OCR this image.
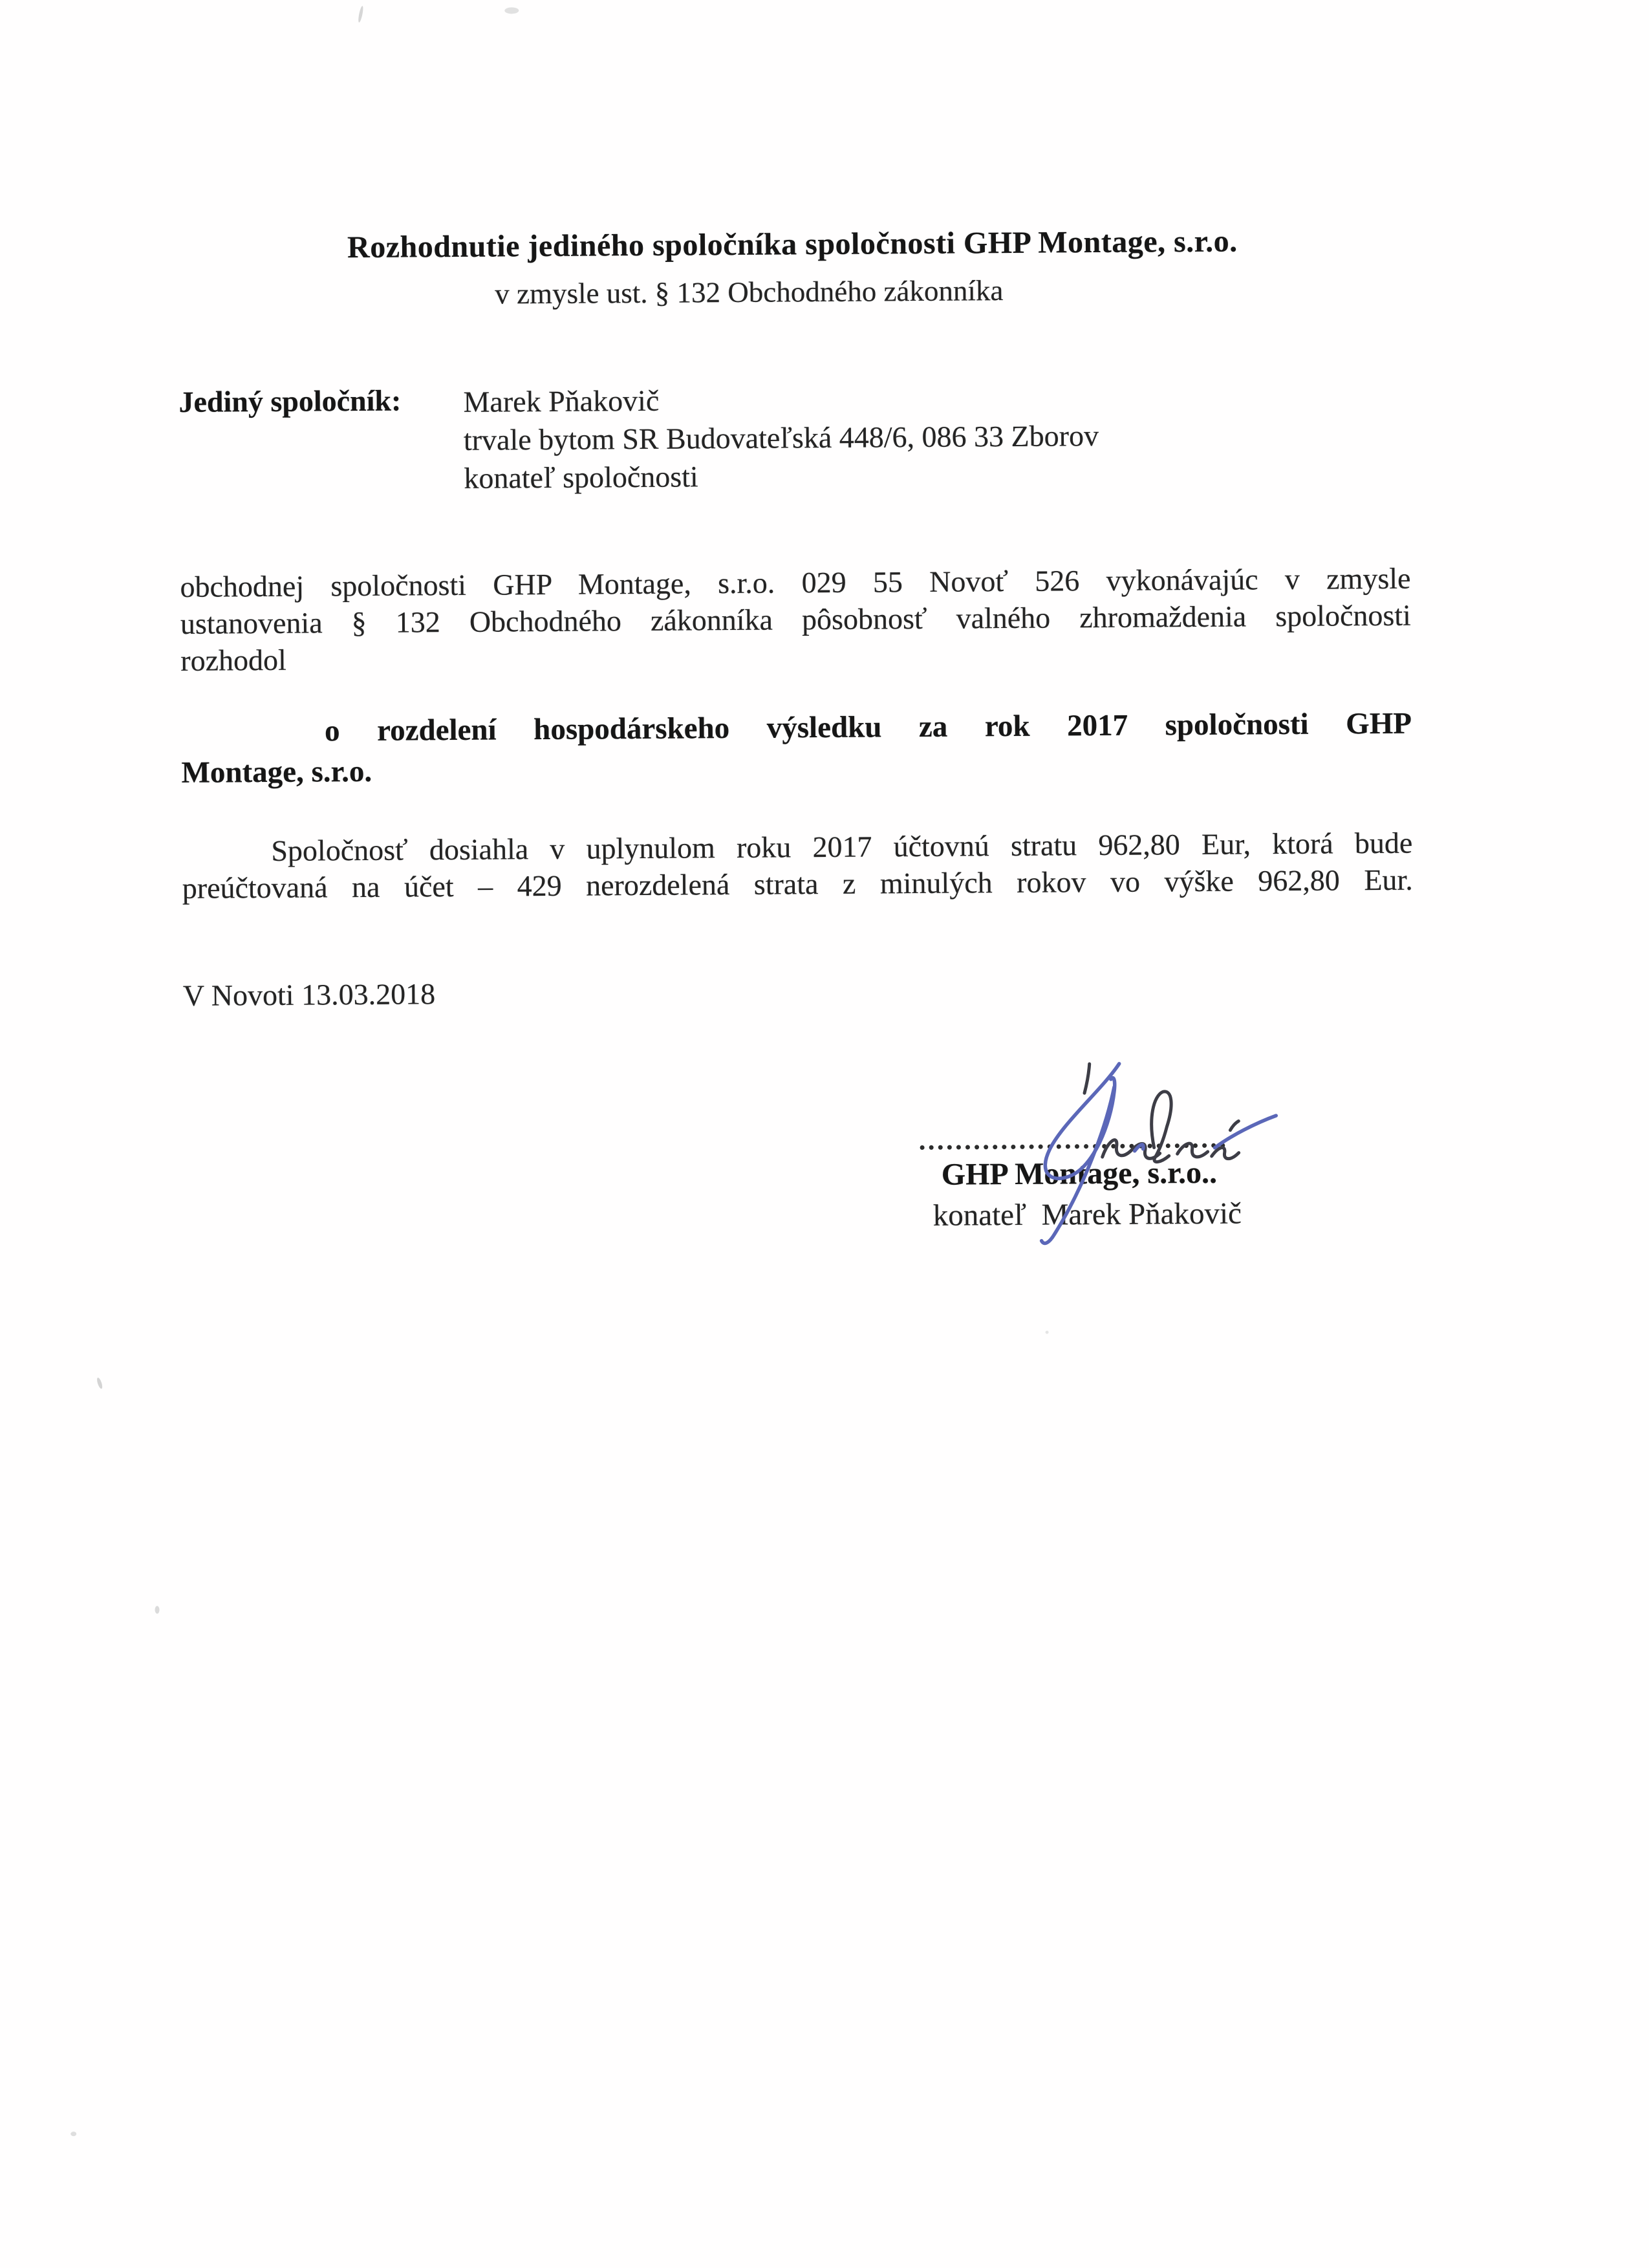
Rozhodnutie jediného spoločníka spoločnosti GHP Montage, s.r.o.
v zmysle ust. § 132 Obchodného zákonníka
Jediný spoločník: Marek Pňakovič
trvale bytom SR Budovateľská 448/6, 086 33 Zborov
konateľ spoločnosti
obchodnej spoločnosti GHP Montage, s.r.o. 029 55 Novoť 526 vykonávajúc v zmysle
ustanovenia § 132 Obchodného zákonníka pôsobnosť valného zhromaždenia spoločnosti
rozhodol
o rozdelení hospodárskeho výsledku za rok 2017 spoločnosti GHP
Montage, s.r.o.
Spoločnosť dosiahla v uplynulom roku 2017 účtovnú stratu 962,80 Eur, ktorá bude
preúčtovaná na účet – 429 nerozdelená strata z minulých rokov vo výške 962,80 Eur.
V Novoti 13.03.2018
GHP Montage, s.r.o..
konateľ  Marek Pňakovič
